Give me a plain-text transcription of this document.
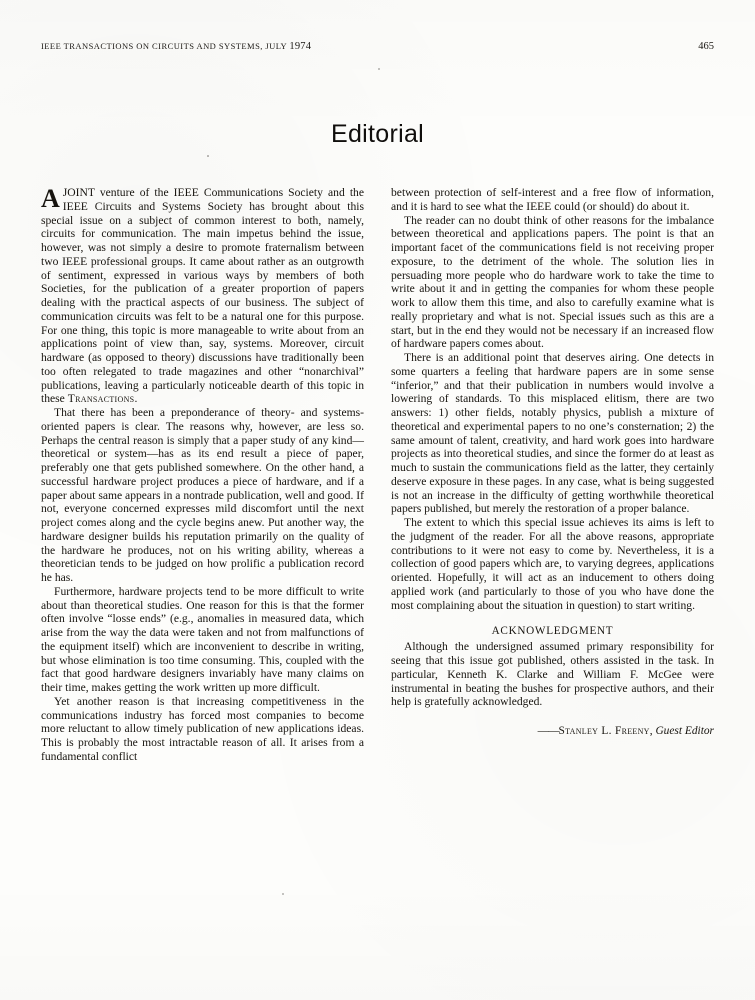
IEEE TRANSACTIONS ON CIRCUITS AND SYSTEMS, JULY 1974	465
Editorial

AJOINT venture of the IEEE Communications Society and the IEEE Circuits and Systems Society has brought about this special issue on a subject of common interest to both, namely, circuits for communication. The main impetus behind the issue, however, was not simply a desire to promote fraternalism between two IEEE professional groups. It came about rather as an outgrowth of sentiment, expressed in various ways by members of both Societies, for the publication of a greater proportion of papers dealing with the practical aspects of our business. The subject of communication circuits was felt to be a natural one for this purpose. For one thing, this topic is more manageable to write about from an applications point of view than, say, systems. Moreover, circuit hardware (as opposed to theory) discussions have traditionally been too often relegated to trade magazines and other “nonarchival” publications, leaving a particularly noticeable dearth of this topic in these Transactions.

That there has been a preponderance of theory- and systems-oriented papers is clear. The reasons why, however, are less so. Perhaps the central reason is simply that a paper study of any kind—theoretical or system—has as its end result a piece of paper, preferably one that gets published somewhere. On the other hand, a successful hardware project produces a piece of hardware, and if a paper about same appears in a nontrade publication, well and good. If not, everyone concerned expresses mild discomfort until the next project comes along and the cycle begins anew. Put another way, the hardware designer builds his reputation primarily on the quality of the hardware he produces, not on his writing ability, whereas a theoretician tends to be judged on how prolific a publication record he has.

Furthermore, hardware projects tend to be more difficult to write about than theoretical studies. One reason for this is that the former often involve “losse ends” (e.g., anomalies in measured data, which arise from the way the data were taken and not from malfunctions of the equipment itself) which are inconvenient to describe in writing, but whose elimination is too time consuming. This, coupled with the fact that good hardware designers invariably have many claims on their time, makes getting the work written up more difficult.

Yet another reason is that increasing competitiveness in the communications industry has forced most companies to become more reluctant to allow timely publication of new applications ideas. This is probably the most intractable reason of all. It arises from a fundamental conflict

between protection of self-interest and a free flow of information, and it is hard to see what the IEEE could (or should) do about it.

The reader can no doubt think of other reasons for the imbalance between theoretical and applications papers. The point is that an important facet of the communications field is not receiving proper exposure, to the detriment of the whole. The solution lies in persuading more people who do hardware work to take the time to write about it and in getting the companies for whom these people work to allow them this time, and also to carefully examine what is really proprietary and what is not. Special issues such as this are a start, but in the end they would not be necessary if an increased flow of hardware papers comes about.

There is an additional point that deserves airing. One detects in some quarters a feeling that hardware papers are in some sense “inferior,” and that their publication in numbers would involve a lowering of standards. To this misplaced elitism, there are two answers: 1) other fields, notably physics, publish a mixture of theoretical and experimental papers to no one’s consternation; 2) the same amount of talent, creativity, and hard work goes into hardware projects as into theoretical studies, and since the former do at least as much to sustain the communications field as the latter, they certainly deserve exposure in these pages. In any case, what is being suggested is not an increase in the difficulty of getting worthwhile theoretical papers published, but merely the restoration of a proper balance.

The extent to which this special issue achieves its aims is left to the judgment of the reader. For all the above reasons, appropriate contributions to it were not easy to come by. Nevertheless, it is a collection of good papers which are, to varying degrees, applications oriented. Hopefully, it will act as an inducement to others doing applied work (and particularly to those of you who have done the most complaining about the situation in question) to start writing.

ACKNOWLEDGMENT

Although the undersigned assumed primary responsibility for seeing that this issue got published, others assisted in the task. In particular, Kenneth K. Clarke and William F. McGee were instrumental in beating the bushes for prospective authors, and their help is gratefully acknowledged.

——Stanley L. Freeny, Guest Editor
